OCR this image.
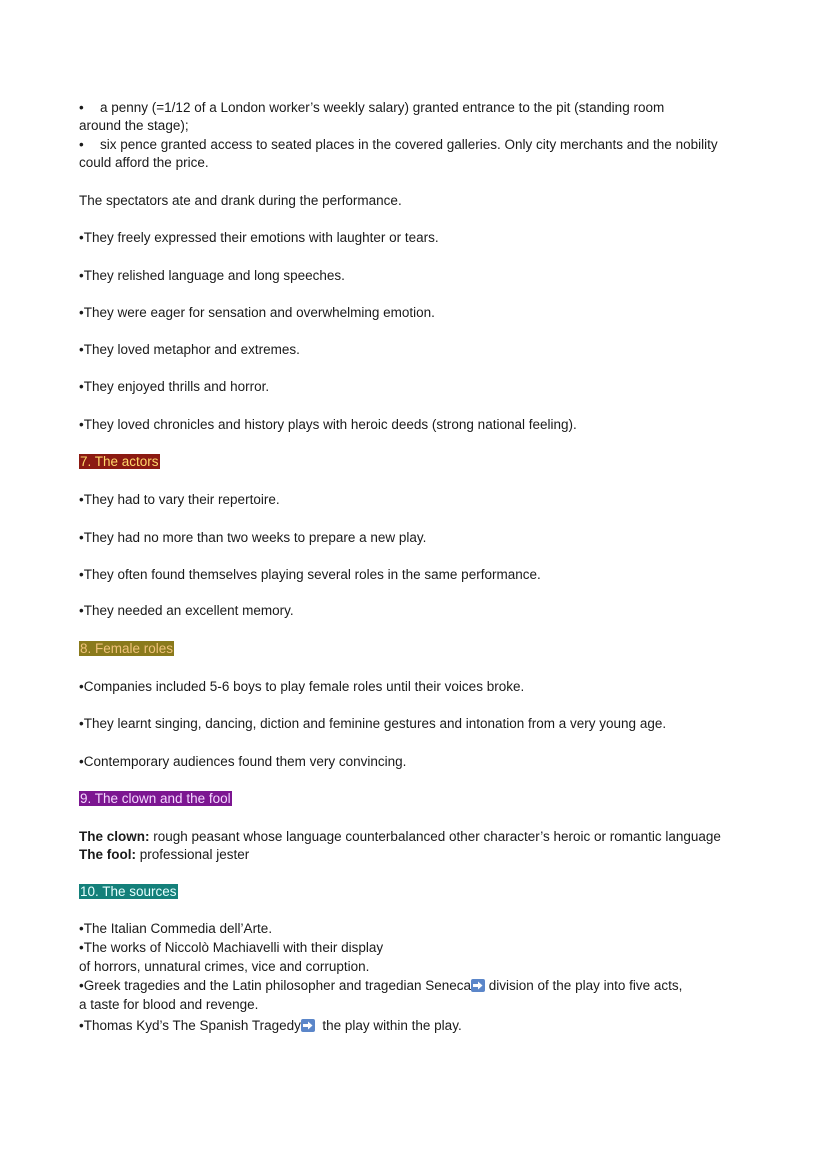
• a penny (=1/12 of a London worker’s weekly salary) granted entrance to the pit (standing room
around the stage);
• six pence granted access to seated places in the covered galleries. Only city merchants and the nobility
could afford the price.
The spectators ate and drank during the performance.
•They freely expressed their emotions with laughter or tears.
•They relished language and long speeches.
•They were eager for sensation and overwhelming emotion.
•They loved metaphor and extremes.
•They enjoyed thrills and horror.
•They loved chronicles and history plays with heroic deeds (strong national feeling).
7. The actors
•They had to vary their repertoire.
•They had no more than two weeks to prepare a new play.
•They often found themselves playing several roles in the same performance.
•They needed an excellent memory.
8. Female roles
•Companies included 5-6 boys to play female roles until their voices broke.
•They learnt singing, dancing, diction and feminine gestures and intonation from a very young age.
•Contemporary audiences found them very convincing.
9. The clown and the fool
The clown: rough peasant whose language counterbalanced other character’s heroic or romantic language
The fool: professional jester
10. The sources
•The Italian Commedia dell’Arte.
•The works of Niccolò Machiavelli with their display
of horrors, unnatural crimes, vice and corruption.
•Greek tragedies and the Latin philosopher and tragedian Seneca
division of the play into five acts,
a taste for blood and revenge.
•Thomas Kyd’s The Spanish Tragedy
the play within the play.
